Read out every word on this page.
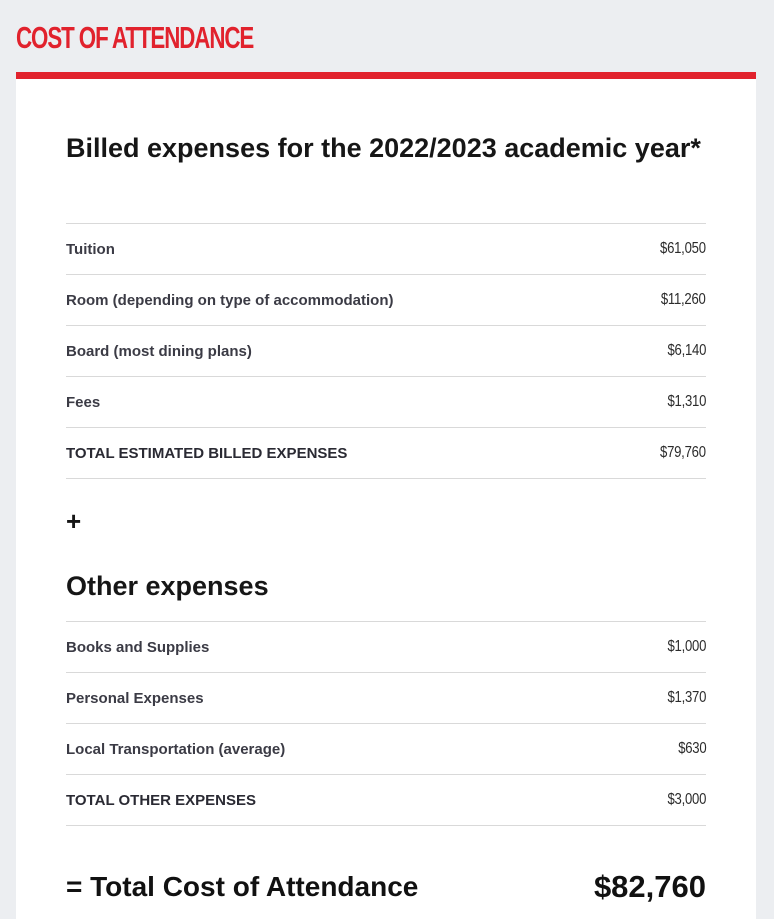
COST OF ATTENDANCE
Billed expenses for the 2022/2023 academic year*
Tuition	$61,050
Room (depending on type of accommodation)	$11,260
Board (most dining plans)	$6,140
Fees	$1,310
TOTAL ESTIMATED BILLED EXPENSES	$79,760
+
Other expenses
Books and Supplies	$1,000
Personal Expenses	$1,370
Local Transportation (average)	$630
TOTAL OTHER EXPENSES	$3,000
= Total Cost of Attendance	$82,760
